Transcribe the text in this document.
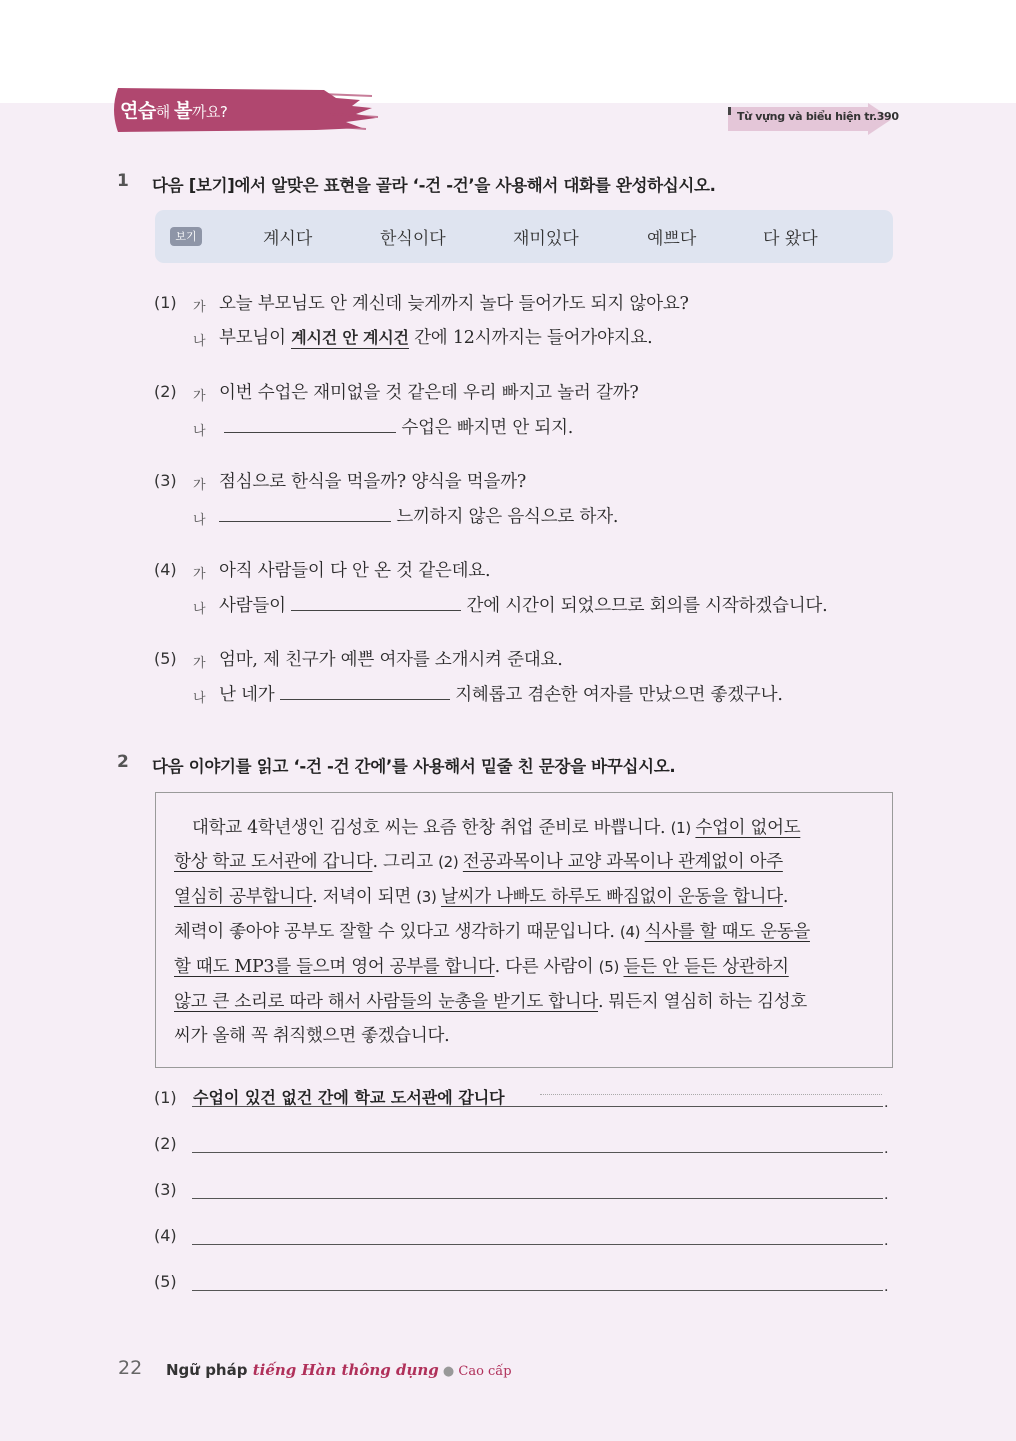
연습해 볼까요?	Từ vựng và biểu hiện tr.390
1 다음 [보기]에서 알맞은 표현을 골라 ‘-건 -건’을 사용해서 대화를 완성하십시오.
보기	계시다	한식이다	재미있다	예쁘다	다 왔다
(1) 가 오늘 부모님도 안 계신데 늦게까지 놀다 들어가도 되지 않아요?
나 부모님이 계시건 안 계시건 간에 12시까지는 들어가야지요.
(2) 가 이번 수업은 재미없을 것 같은데 우리 빠지고 놀러 갈까?
나	수업은 빠지면 안 되지.
(3) 가 점심으로 한식을 먹을까? 양식을 먹을까?
나	느끼하지 않은 음식으로 하자.
(4) 가 아직 사람들이 다 안 온 것 같은데요.
나 사람들이	간에 시간이 되었으므로 회의를 시작하겠습니다.
(5) 가 엄마, 제 친구가 예쁜 여자를 소개시켜 준대요.
나 난 네가	지혜롭고 겸손한 여자를 만났으면 좋겠구나.
2 다음 이야기를 읽고 ‘-건 -건 간에’를 사용해서 밑줄 친 문장을 바꾸십시오.
대학교 4학년생인 김성호 씨는 요즘 한창 취업 준비로 바쁩니다. (1) 수업이 없어도
항상 학교 도서관에 갑니다. 그리고 (2) 전공과목이나 교양 과목이나 관계없이 아주
열심히 공부합니다. 저녁이 되면 (3) 날씨가 나빠도 하루도 빠짐없이 운동을 합니다.
체력이 좋아야 공부도 잘할 수 있다고 생각하기 때문입니다. (4) 식사를 할 때도 운동을
할 때도 MP3를 들으며 영어 공부를 합니다. 다른 사람이 (5) 듣든 안 듣든 상관하지
않고 큰 소리로 따라 해서 사람들의 눈총을 받기도 합니다. 뭐든지 열심히 하는 김성호
씨가 올해 꼭 취직했으면 좋겠습니다.
(1) 수업이 있건 없건 간에 학교 도서관에 갑니다	.
(2)	.
(3)	.
(4)	.
(5)	.
22 Ngữ pháp tiếng Hàn thông dụng ● Cao cấp
